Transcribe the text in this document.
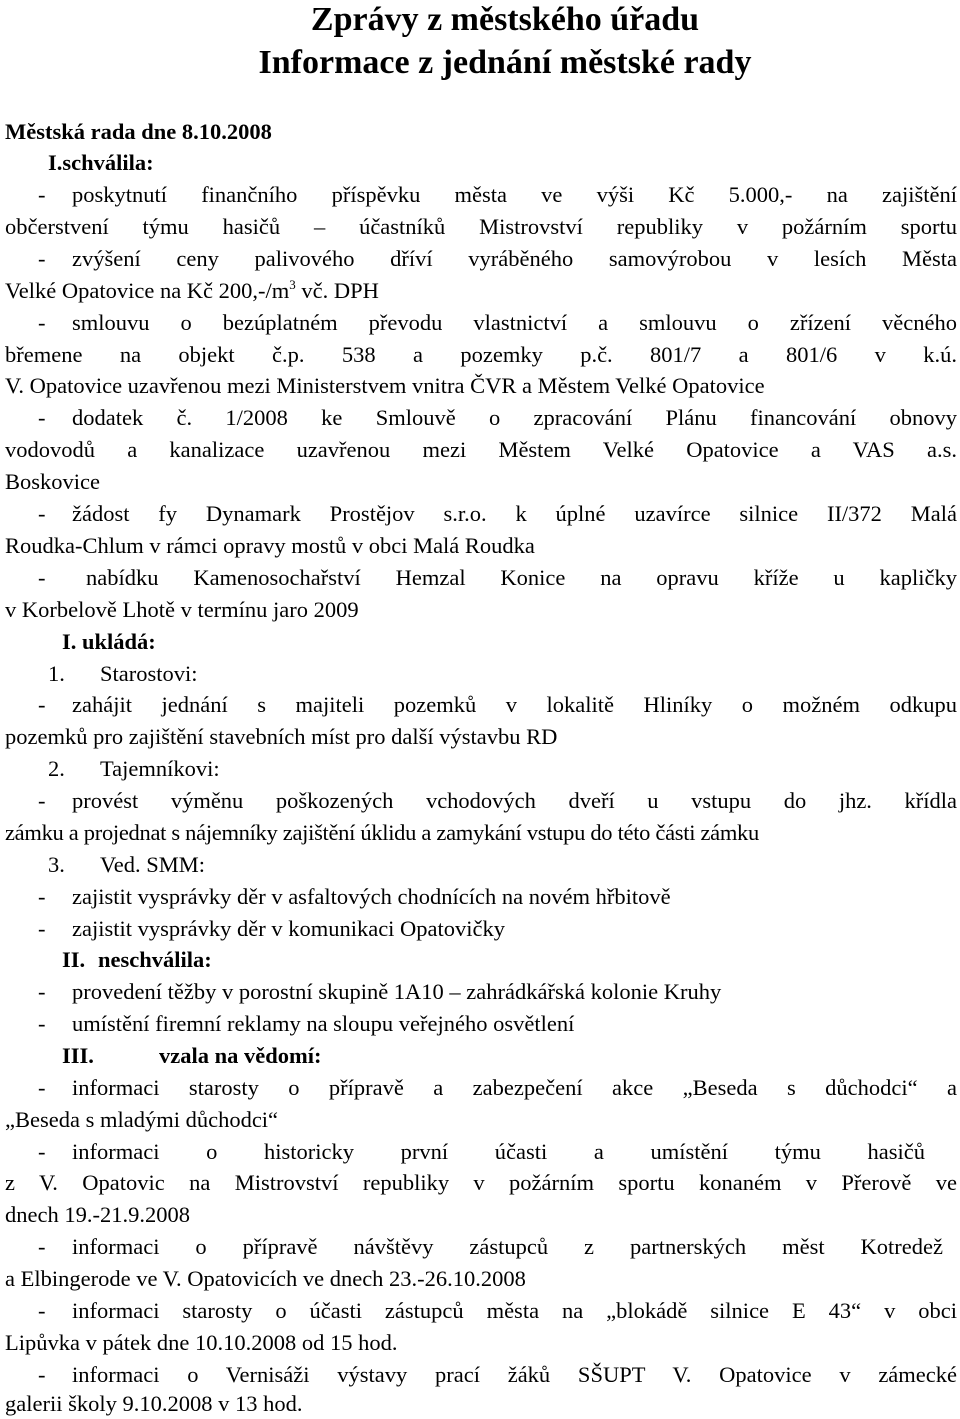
Zprávy z městského úřadu
Informace z jednání městské rady
Městská rada dne 8.10.2008
I.schválila:
- poskytnutí finančního příspěvku města ve výši Kč 5.000,- na zajištění
občerstvení týmu hasičů – účastníků Mistrovství republiky v požárním sportu
- zvýšení ceny palivového dříví vyráběného samovýrobou v lesích Města
Velké Opatovice na Kč $200,-/m^3$ vč. DPH
- smlouvu o bezúplatném převodu vlastnictví a smlouvu o zřízení věcného
břemene na objekt č.p. 538 a pozemky p.č. 801/7 a 801/6 v k.ú.
V. Opatovice uzavřenou mezi Ministerstvem vnitra ČVR a Městem Velké Opatovice
- dodatek č. 1/2008 ke Smlouvě o zpracování Plánu financování obnovy
vodovodů a kanalizace uzavřenou mezi Městem Velké Opatovice a VAS a.s.
Boskovice
- žádost fy Dynamark Prostějov s.r.o. k úplné uzavírce silnice II/372 Malá
Roudka-Chlum v rámci opravy mostů v obci Malá Roudka
- nabídku Kamenosochařství Hemzal Konice na opravu kříže u kapličky
v Korbelově Lhotě v termínu jaro 2009
I. ukládá:
1. Starostovi:
- zahájit jednání s majiteli pozemků v lokalitě Hliníky o možném odkupu
pozemků pro zajištění stavebních míst pro další výstavbu RD
2. Tajemníkovi:
- provést výměnu poškozených vchodových dveří u vstupu do jhz. křídla
zámku a projednat s nájemníky zajištění úklidu a zamykání vstupu do této části zámku
3. Ved. SMM:
- zajistit vysprávky děr v asfaltových chodnících na novém hřbitově
- zajistit vysprávky děr v komunikaci Opatovičky
II. neschválila:
- provedení těžby v porostní skupině 1A10 – zahrádkářská kolonie Kruhy
- umístění firemní reklamy na sloupu veřejného osvětlení
III.	vzala na vědomí:
- informaci starosty o přípravě a zabezpečení akce „Beseda s důchodci“ a
„Beseda s mladými důchodci“
- informaci o historicky první účasti a umístění týmu hasičů
z V. Opatovic na Mistrovství republiky v požárním sportu konaném v Přerově ve
dnech 19.-21.9.2008
- informaci o přípravě návštěvy zástupců z partnerských měst Kotredež
a Elbingerode ve V. Opatovicích ve dnech 23.-26.10.2008
- informaci starosty o účasti zástupců města na „blokádě silnice E 43“ v obci
Lipůvka v pátek dne 10.10.2008 od 15 hod.
- informaci o Vernisáži výstavy prací žáků SŠUPT V. Opatovice v zámecké
galerii školy 9.10.2008 v 13 hod.
